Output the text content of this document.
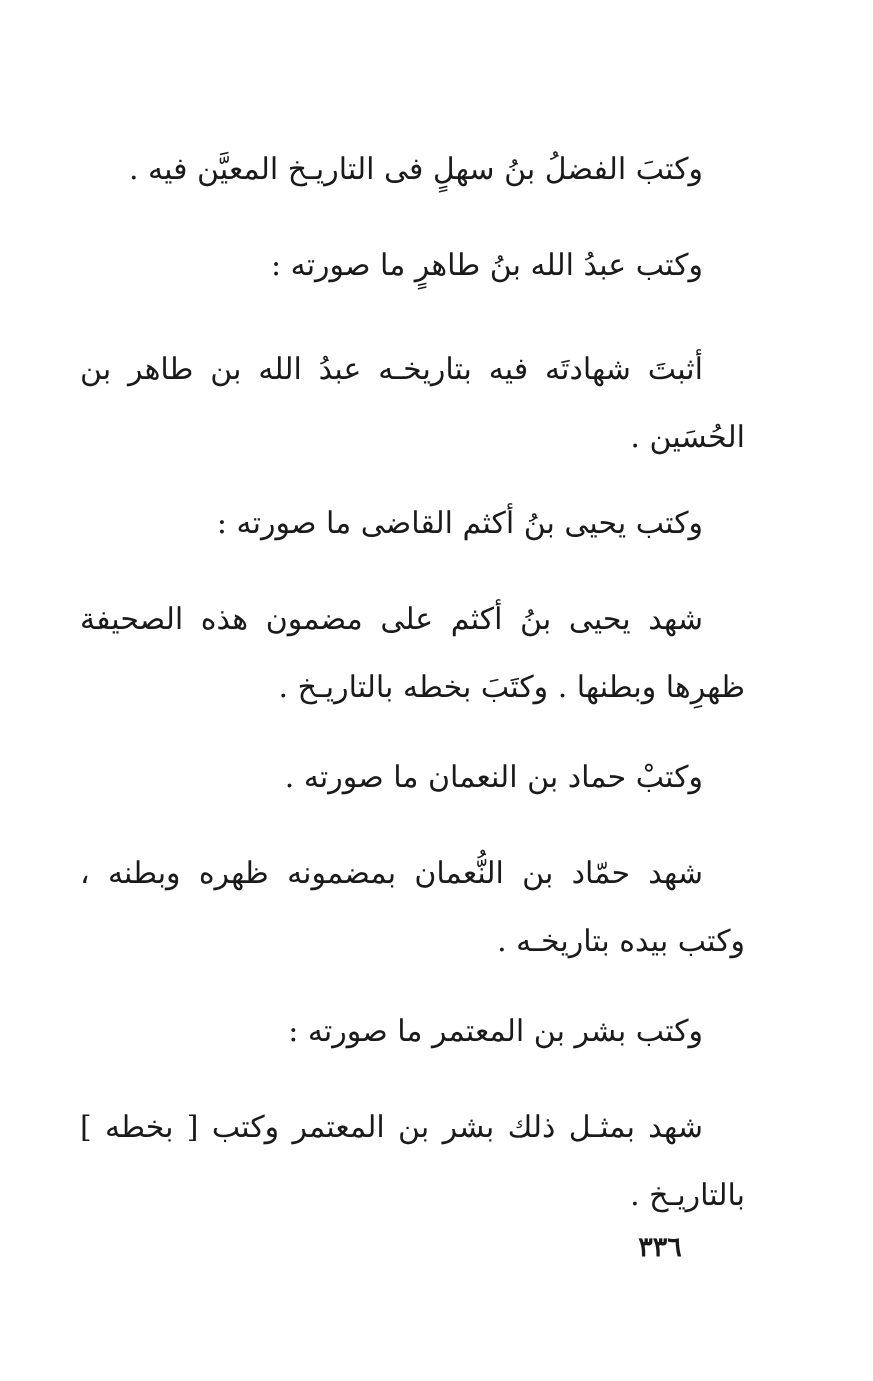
وكتبَ الفضلُ بنُ سهلٍ فى التاريـخ المعيَّن فيه .

وكتب عبدُ الله بنُ طاهرٍ ما صورته :

أثبتَ شهادتَه فيه بتاريخـه عبدُ الله بن طاهر بن الحُسَين .

وكتب يحيى بنُ أكثم القاضى ما صورته :

شهد يحيى بنُ أكثم على مضمون هذه الصحيفة ظهرِها وبطنها . وكتَبَ بخطه بالتاريـخ .

وكتبْ حماد بن النعمان ما صورته .

شهد حمّاد بن النُّعمان بمضمونه ظهره وبطنه ، وكتب بيده بتاريخـه .

وكتب بشر بن المعتمر ما صورته :

شهد بمثـل ذلك بشر بن المعتمر وكتب [ بخطه ] بالتاريـخ .

٣٣٦
